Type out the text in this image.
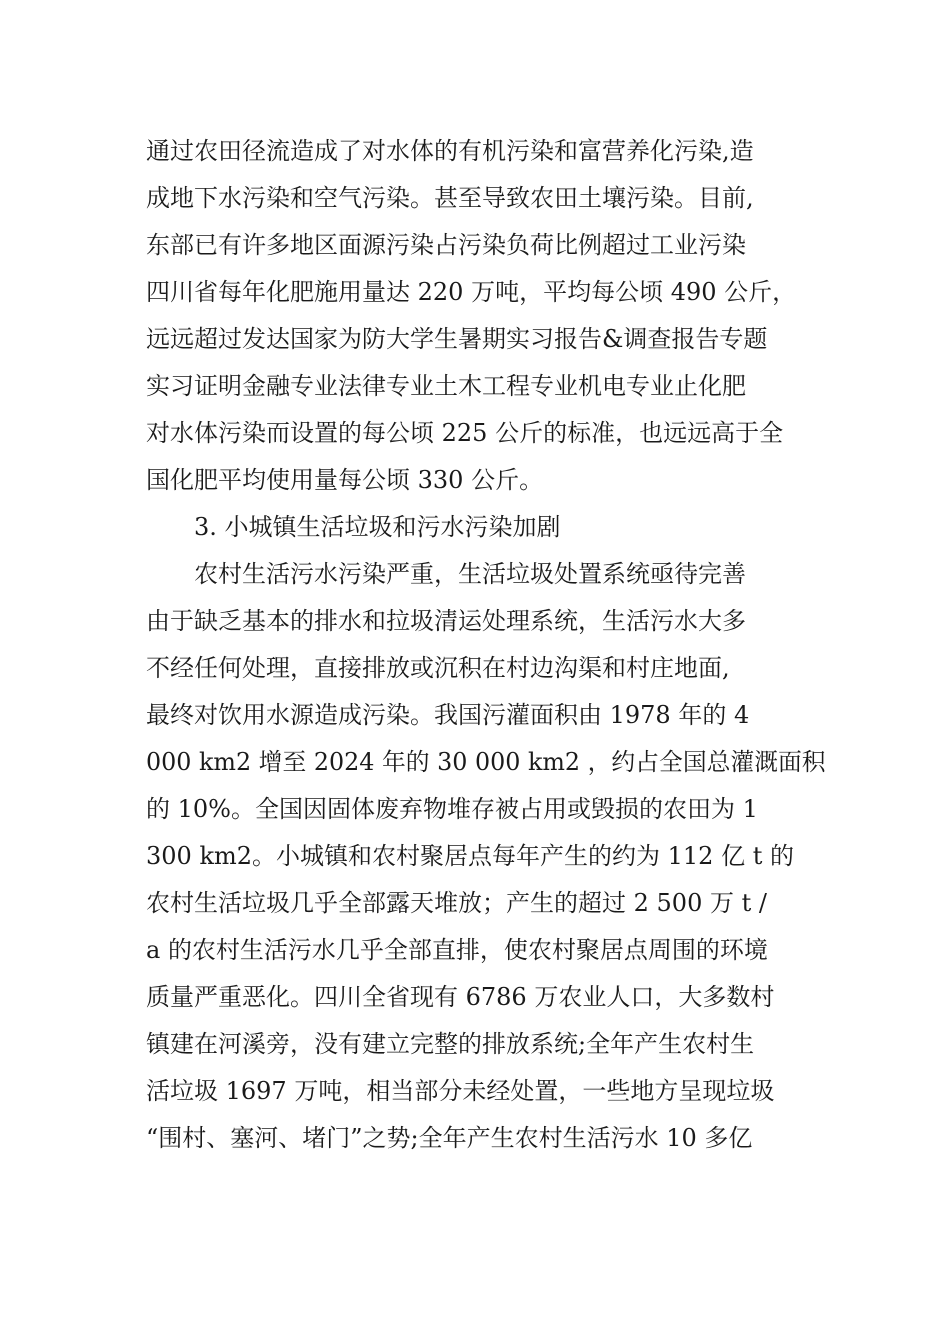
通过农田径流造成了对水体的有机污染和富营养化污染,造
成地下水污染和空气污染。甚至导致农田土壤污染。目前,
东部已有许多地区面源污染占污染负荷比例超过工业污染
四川省每年化肥施用量达 220 万吨，平均每公顷 490 公斤，
远远超过发达国家为防大学生暑期实习报告&调查报告专题
实习证明金融专业法律专业土木工程专业机电专业止化肥
对水体污染而设置的每公顷 225 公斤的标准，也远远高于全
国化肥平均使用量每公顷 330 公斤。
3. 小城镇生活垃圾和污水污染加剧
农村生活污水污染严重，生活垃圾处置系统亟待完善
由于缺乏基本的排水和拉圾清运处理系统，生活污水大多
不经任何处理，直接排放或沉积在村边沟渠和村庄地面,
最终对饮用水源造成污染。我国污灌面积由 1978 年的 4
000 km2 增至 2024 年的 30 000 km2 ，约占全国总灌溉面积
的 10%。全国因固体废弃物堆存被占用或毁损的农田为 1
300 km2。小城镇和农村聚居点每年产生的约为 112 亿 t 的
农村生活垃圾几乎全部露天堆放；产生的超过 2 500 万 t /
a 的农村生活污水几乎全部直排，使农村聚居点周围的环境
质量严重恶化。四川全省现有 6786 万农业人口，大多数村
镇建在河溪旁，没有建立完整的排放系统;全年产生农村生
活垃圾 1697 万吨，相当部分未经处置，一些地方呈现垃圾
“围村、塞河、堵门”之势;全年产生农村生活污水 10 多亿
